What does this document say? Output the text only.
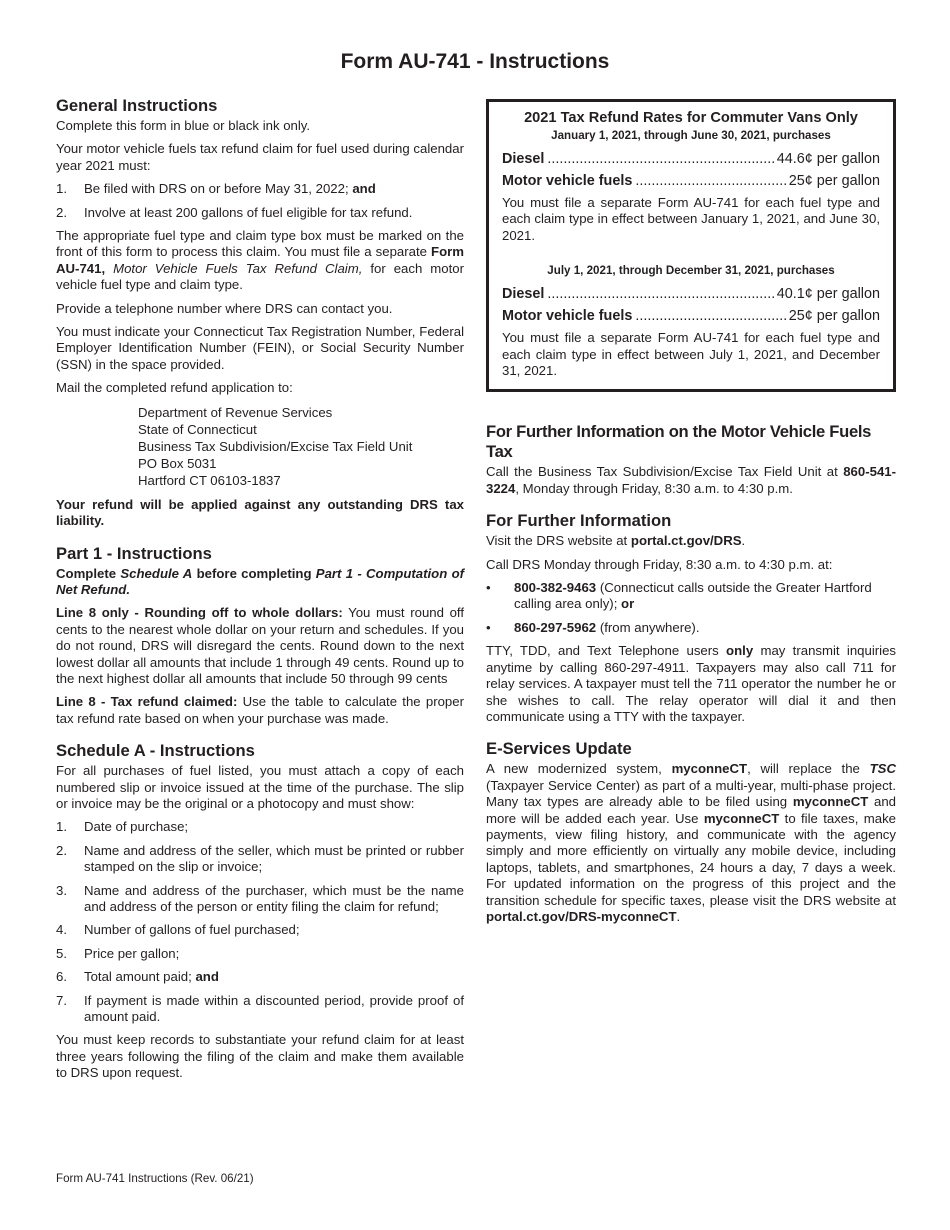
Form AU-741 - Instructions
General Instructions

Complete this form in blue or black ink only.

Your motor vehicle fuels tax refund claim for fuel used during calendar year 2021 must:

1.	Be filed with DRS on or before May 31, 2022; and
2.	Involve at least 200 gallons of fuel eligible for tax refund.

The appropriate fuel type and claim type box must be marked on the front of this form to process this claim. You must file a separate Form AU-741, Motor Vehicle Fuels Tax Refund Claim, for each motor vehicle fuel type and claim type.

Provide a telephone number where DRS can contact you.

You must indicate your Connecticut Tax Registration Number, Federal Employer Identification Number (FEIN), or Social Security Number (SSN) in the space provided.

Mail the completed refund application to:

Department of Revenue Services
State of Connecticut
Business Tax Subdivision/Excise Tax Field Unit
PO Box 5031
Hartford CT 06103-1837

Your refund will be applied against any outstanding DRS tax liability.

Part 1 - Instructions

Complete Schedule A before completing Part 1 - Computation of Net Refund.

Line 8 only - Rounding off to whole dollars: You must round off cents to the nearest whole dollar on your return and schedules. If you do not round, DRS will disregard the cents. Round down to the next lowest dollar all amounts that include 1 through 49 cents. Round up to the next highest dollar all amounts that include 50 through 99 cents

Line 8 - Tax refund claimed: Use the table to calculate the proper tax refund rate based on when your purchase was made.

Schedule A - Instructions

For all purchases of fuel listed, you must attach a copy of each numbered slip or invoice issued at the time of the purchase. The slip or invoice may be the original or a photocopy and must show:

1.	Date of purchase;
2.	Name and address of the seller, which must be printed or rubber stamped on the slip or invoice;
3.	Name and address of the purchaser, which must be the name and address of the person or entity filing the claim for refund;
4.	Number of gallons of fuel purchased;
5.	Price per gallon;
6.	Total amount paid; and
7.	If payment is made within a discounted period, provide proof of amount paid.

You must keep records to substantiate your refund claim for at least three years following the filing of the claim and make them available to DRS upon request.

2021 Tax Refund Rates for Commuter Vans Only
January 1, 2021, through June 30, 2021, purchases
Diesel .....	44.6¢ per gallon
Motor vehicle fuels .....	25¢ per gallon

You must file a separate Form AU-741 for each fuel type and each claim type in effect between January 1, 2021, and June 30, 2021.

July 1, 2021, through December 31, 2021, purchases
Diesel .....	40.1¢ per gallon
Motor vehicle fuels .....	25¢ per gallon

You must file a separate Form AU-741 for each fuel type and each claim type in effect between July 1, 2021, and December 31, 2021.

For Further Information on the Motor Vehicle Fuels Tax

Call the Business Tax Subdivision/Excise Tax Field Unit at 860-541-3224, Monday through Friday, 8:30 a.m. to 4:30 p.m.

For Further Information

Visit the DRS website at portal.ct.gov/DRS.

Call DRS Monday through Friday, 8:30 a.m. to 4:30 p.m. at:

•	800-382-9463 (Connecticut calls outside the Greater Hartford calling area only); or
•	860-297-5962 (from anywhere).

TTY, TDD, and Text Telephone users only may transmit inquiries anytime by calling 860-297-4911. Taxpayers may also call 711 for relay services. A taxpayer must tell the 711 operator the number he or she wishes to call. The relay operator will dial it and then communicate using a TTY with the taxpayer.

E-Services Update

A new modernized system, myconneCT, will replace the TSC (Taxpayer Service Center) as part of a multi-year, multi-phase project. Many tax types are already able to be filed using myconneCT and more will be added each year. Use myconneCT to file taxes, make payments, view filing history, and communicate with the agency simply and more efficiently on virtually any mobile device, including laptops, tablets, and smartphones, 24 hours a day, 7 days a week. For updated information on the progress of this project and the transition schedule for specific taxes, please visit the DRS website at portal.ct.gov/DRS-myconneCT.

Form AU-741 Instructions (Rev. 06/21)
